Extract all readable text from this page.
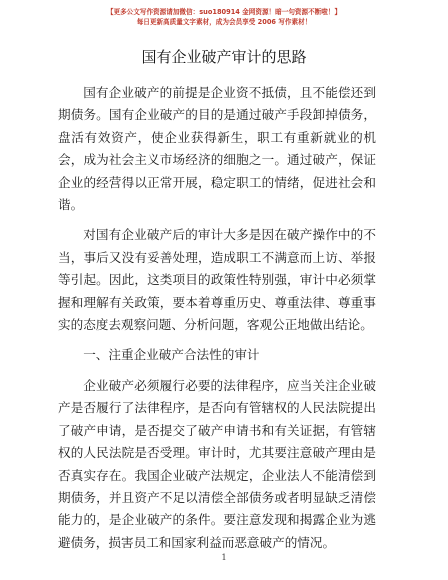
【更多公文写作资源请加微信：suo180914 金网资源！暗一句资源不断啦！】
每日更新高质量文字素材，成为会员享受 2006 写作素材！
国有企业破产审计的思路

国有企业破产的前提是企业资不抵债，且不能偿还到期债务。国有企业破产的目的是通过破产手段卸掉债务，盘活有效资产，使企业获得新生，职工有重新就业的机会，成为社会主义市场经济的细胞之一。通过破产，保证企业的经营得以正常开展，稳定职工的情绪，促进社会和谐。

对国有企业破产后的审计大多是因在破产操作中的不当，事后又没有妥善处理，造成职工不满意而上访、举报等引起。因此，这类项目的政策性特别强，审计中必须掌握和理解有关政策，要本着尊重历史、尊重法律、尊重事实的态度去观察问题、分析问题，客观公正地做出结论。

一、注重企业破产合法性的审计

企业破产必须履行必要的法律程序，应当关注企业破产是否履行了法律程序，是否向有管辖权的人民法院提出了破产申请，是否提交了破产申请书和有关证据，有管辖权的人民法院是否受理。审计时，尤其要注意破产理由是否真实存在。我国企业破产法规定，企业法人不能清偿到期债务，并且资产不足以清偿全部债务或者明显缺乏清偿能力的，是企业破产的条件。要注意发现和揭露企业为逃避债务，损害员工和国家利益而恶意破产的情况。

1
